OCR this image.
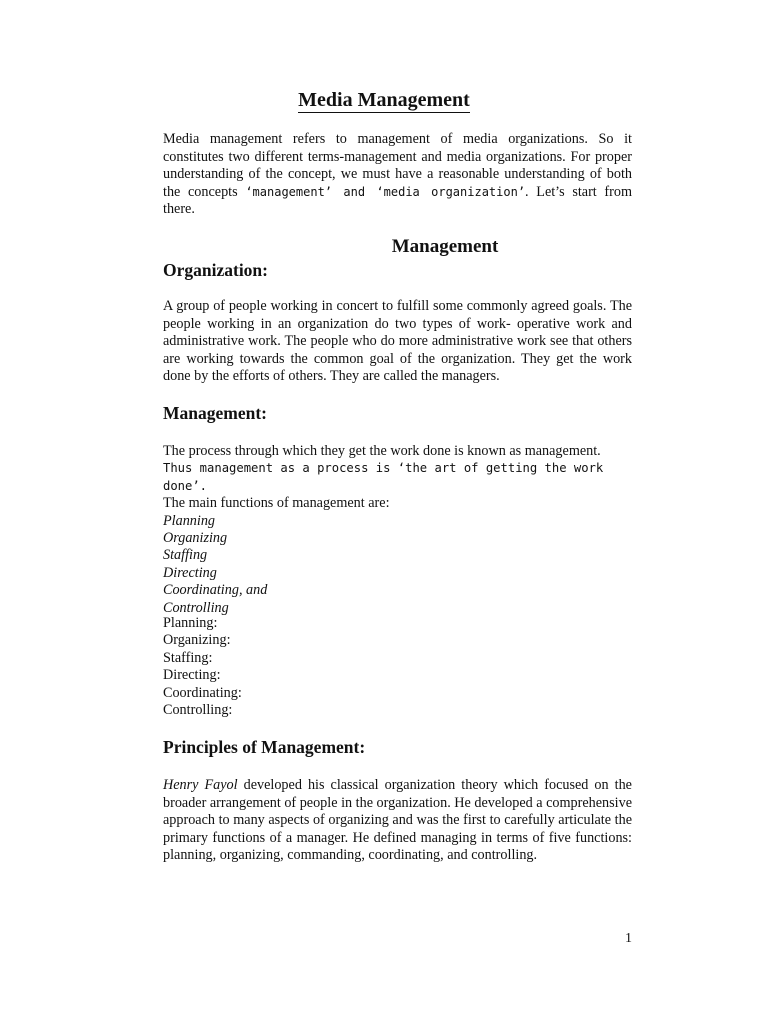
Media Management

Media management refers to management of media organizations. So it constitutes two different terms-management and media organizations. For proper understanding of the concept, we must have a reasonable understanding of both the concepts ‘management’ and ‘media organization’. Let’s start from there.

Management
Organization:

A group of people working in concert to fulfill some commonly agreed goals. The people working in an organization do two types of work- operative work and administrative work. The people who do more administrative work see that others are working towards the common goal of the organization. They get the work done by the efforts of others. They are called the managers.

Management:
The process through which they get the work done is known as management.
Thus management as a process is ‘the art of getting the work done’.
The main functions of management are:
Planning
Organizing
Staffing
Directing
Coordinating, and
Controlling
Planning:
Organizing:
Staffing:
Directing:
Coordinating:
Controlling:
Principles of Management:

Henry Fayol developed his classical organization theory which focused on the broader arrangement of people in the organization. He developed a comprehensive approach to many aspects of organizing and was the first to carefully articulate the primary functions of a manager. He defined managing in terms of five functions: planning, organizing, commanding, coordinating, and controlling.

1
